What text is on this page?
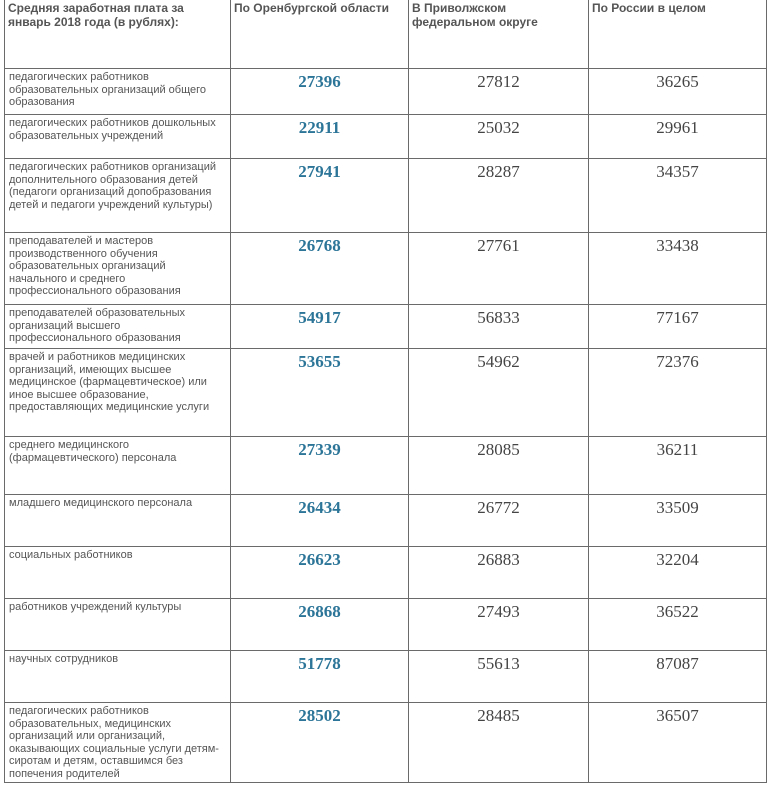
Средняя заработная плата за январь 2018 года (в рублях):	По Оренбургской области	В Приволжском федеральном округе	По России в целом
педагогических работников образовательных организаций общего образования	27396	27812	36265
педагогических работников дошкольных образовательных учреждений	22911	25032	29961
педагогических работников организаций дополнительного образования детей (педагоги организаций допобразования детей и педагоги учреждений культуры)	27941	28287	34357
преподавателей и мастеров производственного обучения образовательных организаций начального и среднего профессионального образования	26768	27761	33438
преподавателей образовательных организаций высшего профессионального образования	54917	56833	77167
врачей и работников медицинских организаций, имеющих высшее медицинское (фармацевтическое) или иное высшее образование, предоставляющих медицинские услуги	53655	54962	72376
среднего медицинского (фармацевтического) персонала	27339	28085	36211
младшего медицинского персонала	26434	26772	33509
социальных работников	26623	26883	32204
работников учреждений культуры	26868	27493	36522
научных сотрудников	51778	55613	87087
педагогических работников образовательных, медицинских организаций или организаций, оказывающих социальные услуги детям-сиротам и детям, оставшимся без попечения родителей	28502	28485	36507
